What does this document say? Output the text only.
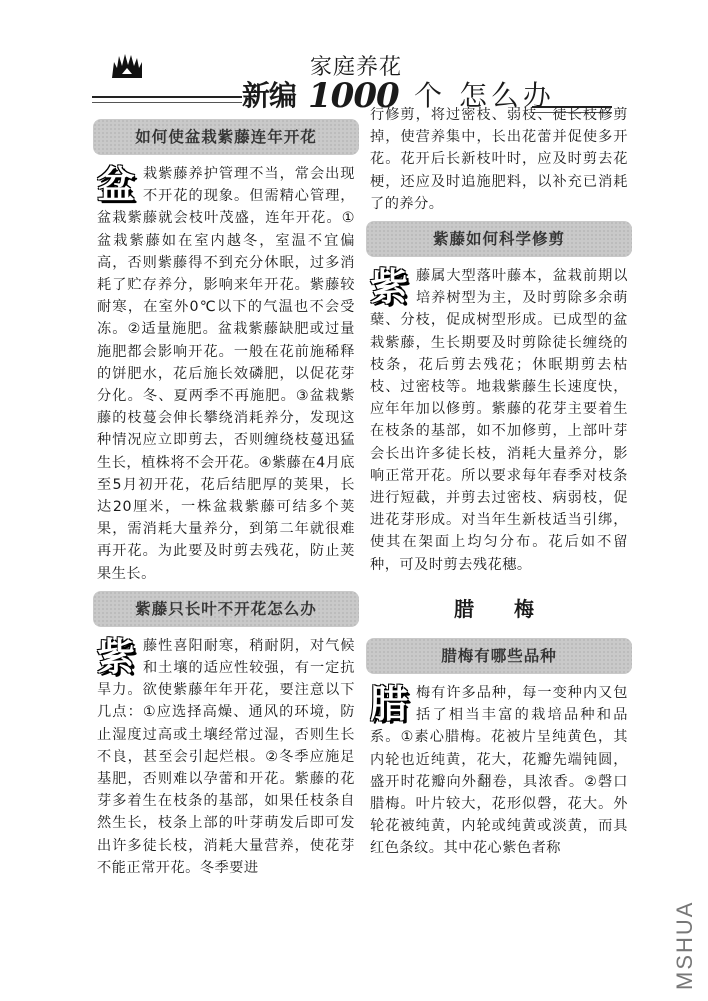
新编
家庭养花
1000 个 怎么办
如何使盆栽紫藤连年开花

盆 栽紫藤养护管理不当，常会出现不开花的现象。但需精心管理，盆栽紫藤就会枝叶茂盛，连年开花。①盆栽紫藤如在室内越冬，室温不宜偏高，否则紫藤得不到充分休眠，过多消耗了贮存养分，影响来年开花。紫藤较耐寒，在室外0℃以下的气温也不会受冻。②适量施肥。盆栽紫藤缺肥或过量施肥都会影响开花。一般在花前施稀释的饼肥水，花后施长效磷肥，以促花芽分化。冬、夏两季不再施肥。③盆栽紫藤的枝蔓会伸长攀绕消耗养分，发现这种情况应立即剪去，否则缠绕枝蔓迅猛生长，植株将不会开花。④紫藤在4月底至5月初开花，花后结肥厚的荚果，长达20厘米，一株盆栽紫藤可结多个荚果，需消耗大量养分，到第二年就很难再开花。为此要及时剪去残花，防止荚果生长。

紫藤只长叶不开花怎么办

紫 藤性喜阳耐寒，稍耐阴，对气候和土壤的适应性较强，有一定抗旱力。欲使紫藤年年开花，要注意以下几点：①应选择高燥、通风的环境，防止湿度过高或土壤经常过湿，否则生长不良，甚至会引起烂根。②冬季应施足基肥，否则难以孕蕾和开花。紫藤的花芽多着生在枝条的基部，如果任枝条自然生长，枝条上部的叶芽萌发后即可发出许多徒长枝，消耗大量营养，使花芽不能正常开花。冬季要进

行修剪，将过密枝、弱枝、徒长枝修剪掉，使营养集中，长出花蕾并促使多开花。花开后长新枝叶时，应及时剪去花梗，还应及时追施肥料，以补充已消耗了的养分。

紫藤如何科学修剪

紫 藤属大型落叶藤本，盆栽前期以培养树型为主，及时剪除多余萌蘖、分枝，促成树型形成。已成型的盆栽紫藤，生长期要及时剪除徒长缠绕的枝条，花后剪去残花；休眠期剪去枯枝、过密枝等。地栽紫藤生长速度快，应年年加以修剪。紫藤的花芽主要着生在枝条的基部，如不加修剪，上部叶芽会长出许多徒长枝，消耗大量养分，影响正常开花。所以要求每年春季对枝条进行短截，并剪去过密枝、病弱枝，促进花芽形成。对当年生新枝适当引绑，使其在架面上均匀分布。花后如不留种，可及时剪去残花穗。

腊梅
腊梅有哪些品种

腊 梅有许多品种，每一变种内又包括了相当丰富的栽培品种和品系。①素心腊梅。花被片呈纯黄色，其内轮也近纯黄，花大，花瓣先端钝圆，盛开时花瓣向外翻卷，具浓香。②磬口腊梅。叶片较大，花形似磬，花大。外轮花被纯黄，内轮或纯黄或淡黄，而具红色条纹。其中花心紫色者称

MSHUA
